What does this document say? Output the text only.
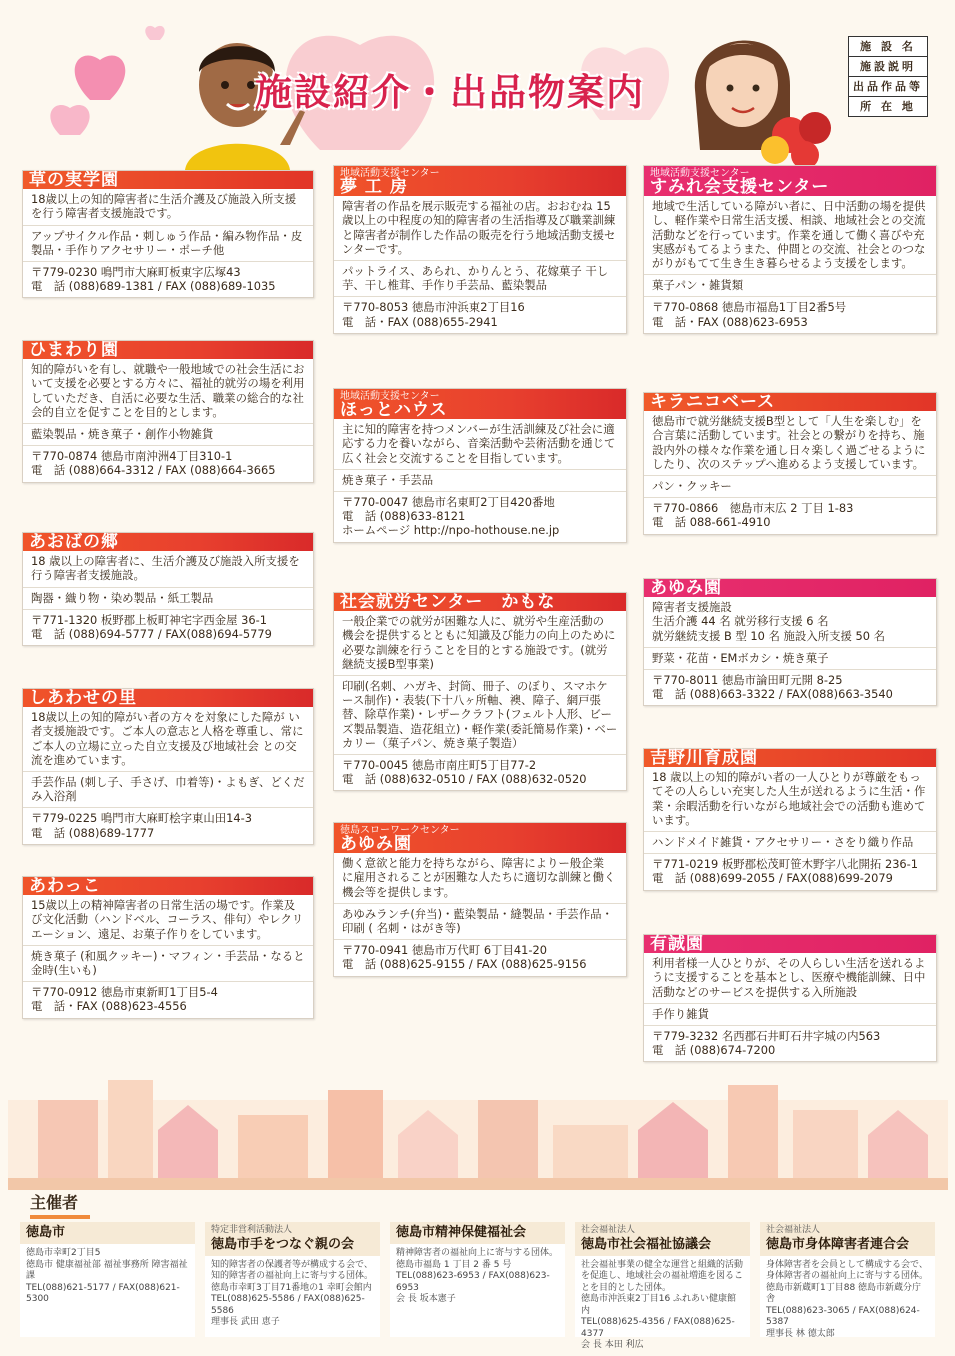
施設紹介・出品物案内
施 設 名
施設説明
出品作品等
所 在 地
草の実学園
18歳以上の知的障害者に生活介護及び施設入所支援を行う障害者支援施設です。
アップサイクル作品・刺しゅう作品・編み物作品・皮製品・手作りアクセサリー・ポーチ他
〒779-0230 鳴門市大麻町板東字広塚43
電　話 (088)689-1381 / FAX (088)689-1035
ひまわり園
知的障がいを有し、就職や一般地域での社会生活において支援を必要とする方々に、福祉的就労の場を利用していただき、自活に必要な生活、職業の総合的な社会的自立を促すことを目的とします。
藍染製品・焼き菓子・創作小物雑貨
〒770-0874 徳島市南沖洲4丁目310-1
電　話 (088)664-3312 / FAX (088)664-3665
あおばの郷
18 歳以上の障害者に、生活介護及び施設入所支援を行う障害者支援施設。
陶器・織り物・染め製品・紙工製品
〒771-1320 板野郡上板町神宅字西金屋 36-1
電　話 (088)694-5777 / FAX(088)694-5779
しあわせの里
18歳以上の知的障がい者の方々を対象にした障が い者支援施設です。ご本人の意志と人格を尊重し、常にご本人の立場に立った自立支援及び地域社会 との交流を進めています。
手芸作品 (刺し子、手さげ、巾着等)・よもぎ、どくだみ入浴剤
〒779-0225 鳴門市大麻町桧字東山田14-3
電　話 (088)689-1777
あわっこ
15歳以上の精神障害者の日常生活の場です。作業及び文化活動（ハンドベル、コーラス、俳句）やレクリエーション、遠足、お菓子作りをしています。
焼き菓子 (和風クッキー)・マフィン・手芸品・なると金時(生いも)
〒770-0912 徳島市東新町1丁目5-4
電　話・FAX (088)623-4556
地域活動支援センター
夢 工 房
障害者の作品を展示販売する福祉の店。おおむね 15歳以上の中程度の知的障害者の生活指導及び職業訓練と障害者が制作した作品の販売を行う地域活動支援センターです。
パットライス、あられ、かりんとう、花嫁菓子 干し芋、干し椎茸、手作り手芸品、藍染製品
〒770-8053 徳島市沖浜東2丁目16
電　話・FAX (088)655-2941
地域活動支援センター
ほっとハウス
主に知的障害を持つメンバーが生活訓練及び社会に適応する力を養いながら、音楽活動や芸術活動を通じて広く社会と交流することを目指しています。
焼き菓子・手芸品
〒770-0047 徳島市名東町2丁目420番地
電　話 (088)633-8121
ホームページ http://npo-hothouse.ne.jp
社会就労センター　かもな
一般企業での就労が困難な人に、就労や生産活動の 機会を提供するとともに知識及び能力の向上のために必要な訓練を行うことを目的とする施設です。(就労継続支援B型事業)
印刷(名刺、ハガキ、封筒、冊子、のぼり、スマホケース制作)・表装(下十八ヶ所軸、襖、障子、網戸張替、除草作業)・レザークラフト(フェルト人形、ビーズ製品製造、造花組立)・軽作業(委託簡易作業)・ベーカリー（菓子パン、焼き菓子製造）
〒770-0045 徳島市南庄町5丁目77-2
電　話 (088)632-0510 / FAX (088)632-0520
徳島スローワークセンター
あゆみ園
働く意欲と能力を持ちながら、障害によりー般企業 に雇用されることが困難な人たちに適切な訓練と働く機会等を提供します。
あゆみランチ(弁当)・藍染製品・縫製品・手芸作品・印刷 ( 名刺・はがき等)
〒770-0941 徳島市万代町 6丁目41-20
電　話 (088)625-9155 / FAX (088)625-9156
地域活動支援センター
すみれ会支援センター
地域で生活している障がい者に、日中活動の場を提供し、軽作業や日常生活支援、相談、地域社会との交流活動などを行っています。作業を通して働く喜びや充実感がもてるようまた、仲間との交流、社会とのつながりがもてて生き生き暮らせるよう支援をします。
菓子パン・雑貨類
〒770-0868 徳島市福島1丁目2番5号
電　話・FAX (088)623-6953
キラニコベース
徳島市で就労継続支援B型として「人生を楽しむ」を合言葉に活動しています。社会との繋がりを持ち、施設内外の様々な作業を通し日々楽しく過ごせるようにしたり、次のステップへ進めるよう支援しています。
パン・クッキー
〒770-0866　徳島市末広 2 丁目 1-83
電　話 088-661-4910
あゆみ園
障害者支援施設
生活介護 44 名 就労移行支援 6 名
就労継続支援 B 型 10 名 施設入所支援 50 名
野菜・花苗・EMボカシ・焼き菓子
〒770-8011 徳島市論田町元開 8-25
電　話 (088)663-3322 / FAX(088)663-3540
吉野川育成園
18 歳以上の知的障がい者の一人ひとりが尊厳をもってその人らしい充実した人生が送れるように生活・作業・余暇活動を行いながら地域社会での活動も進めています。
ハンドメイド雑貨・アクセサリー・さをり織り作品
〒771-0219 板野郡松茂町笹木野字八北開拓 236-1
電　話 (088)699-2055 / FAX(088)699-2079
有誠園
利用者様一人ひとりが、その人らしい生活を送れるように支援することを基本とし、医療や機能訓練、日中活動などのサービスを提供する入所施設
手作り雑貨
〒779-3232 名西郡石井町石井字城の内563
電　話 (088)674-7200
主催者
徳島市
徳島市幸町2丁目5
徳島市 健康福祉部 福祉事務所 障害福祉課
TEL(088)621-5177 / FAX(088)621-5300
特定非営利活動法人
徳島市手をつなぐ親の会
知的障害者の保護者等が構成する会で、
知的障害者の福祉向上に寄与する団体。
徳島市幸町3丁目71番地の1 幸町会館内
TEL(088)625-5586 / FAX(088)625-5586
理事長 武田 恵子
徳島市精神保健福祉会
精神障害者の福祉向上に寄与する団体。
徳島市福島 1 丁目 2 番 5 号
TEL(088)623-6953 / FAX(088)623-6953
会 長 坂本憲子
社会福祉法人
徳島市社会福祉協議会
社会福祉事業の健全な運営と組織的活動を促進し、地域社会の福祉増進を図ることを目的とした団体。
徳島市沖浜東2丁目16 ふれあい健康館内
TEL(088)625-4356 / FAX(088)625-4377
会 長 本田 利広
社会福祉法人
徳島市身体障害者連合会
身体障害者を会員として構成する会で、身体障害者の福祉向上に寄与する団体。
徳島市新蔵町1丁目88 徳島市新蔵分庁舎
TEL(088)623-3065 / FAX(088)624-5387
理事長 林 德太郎
